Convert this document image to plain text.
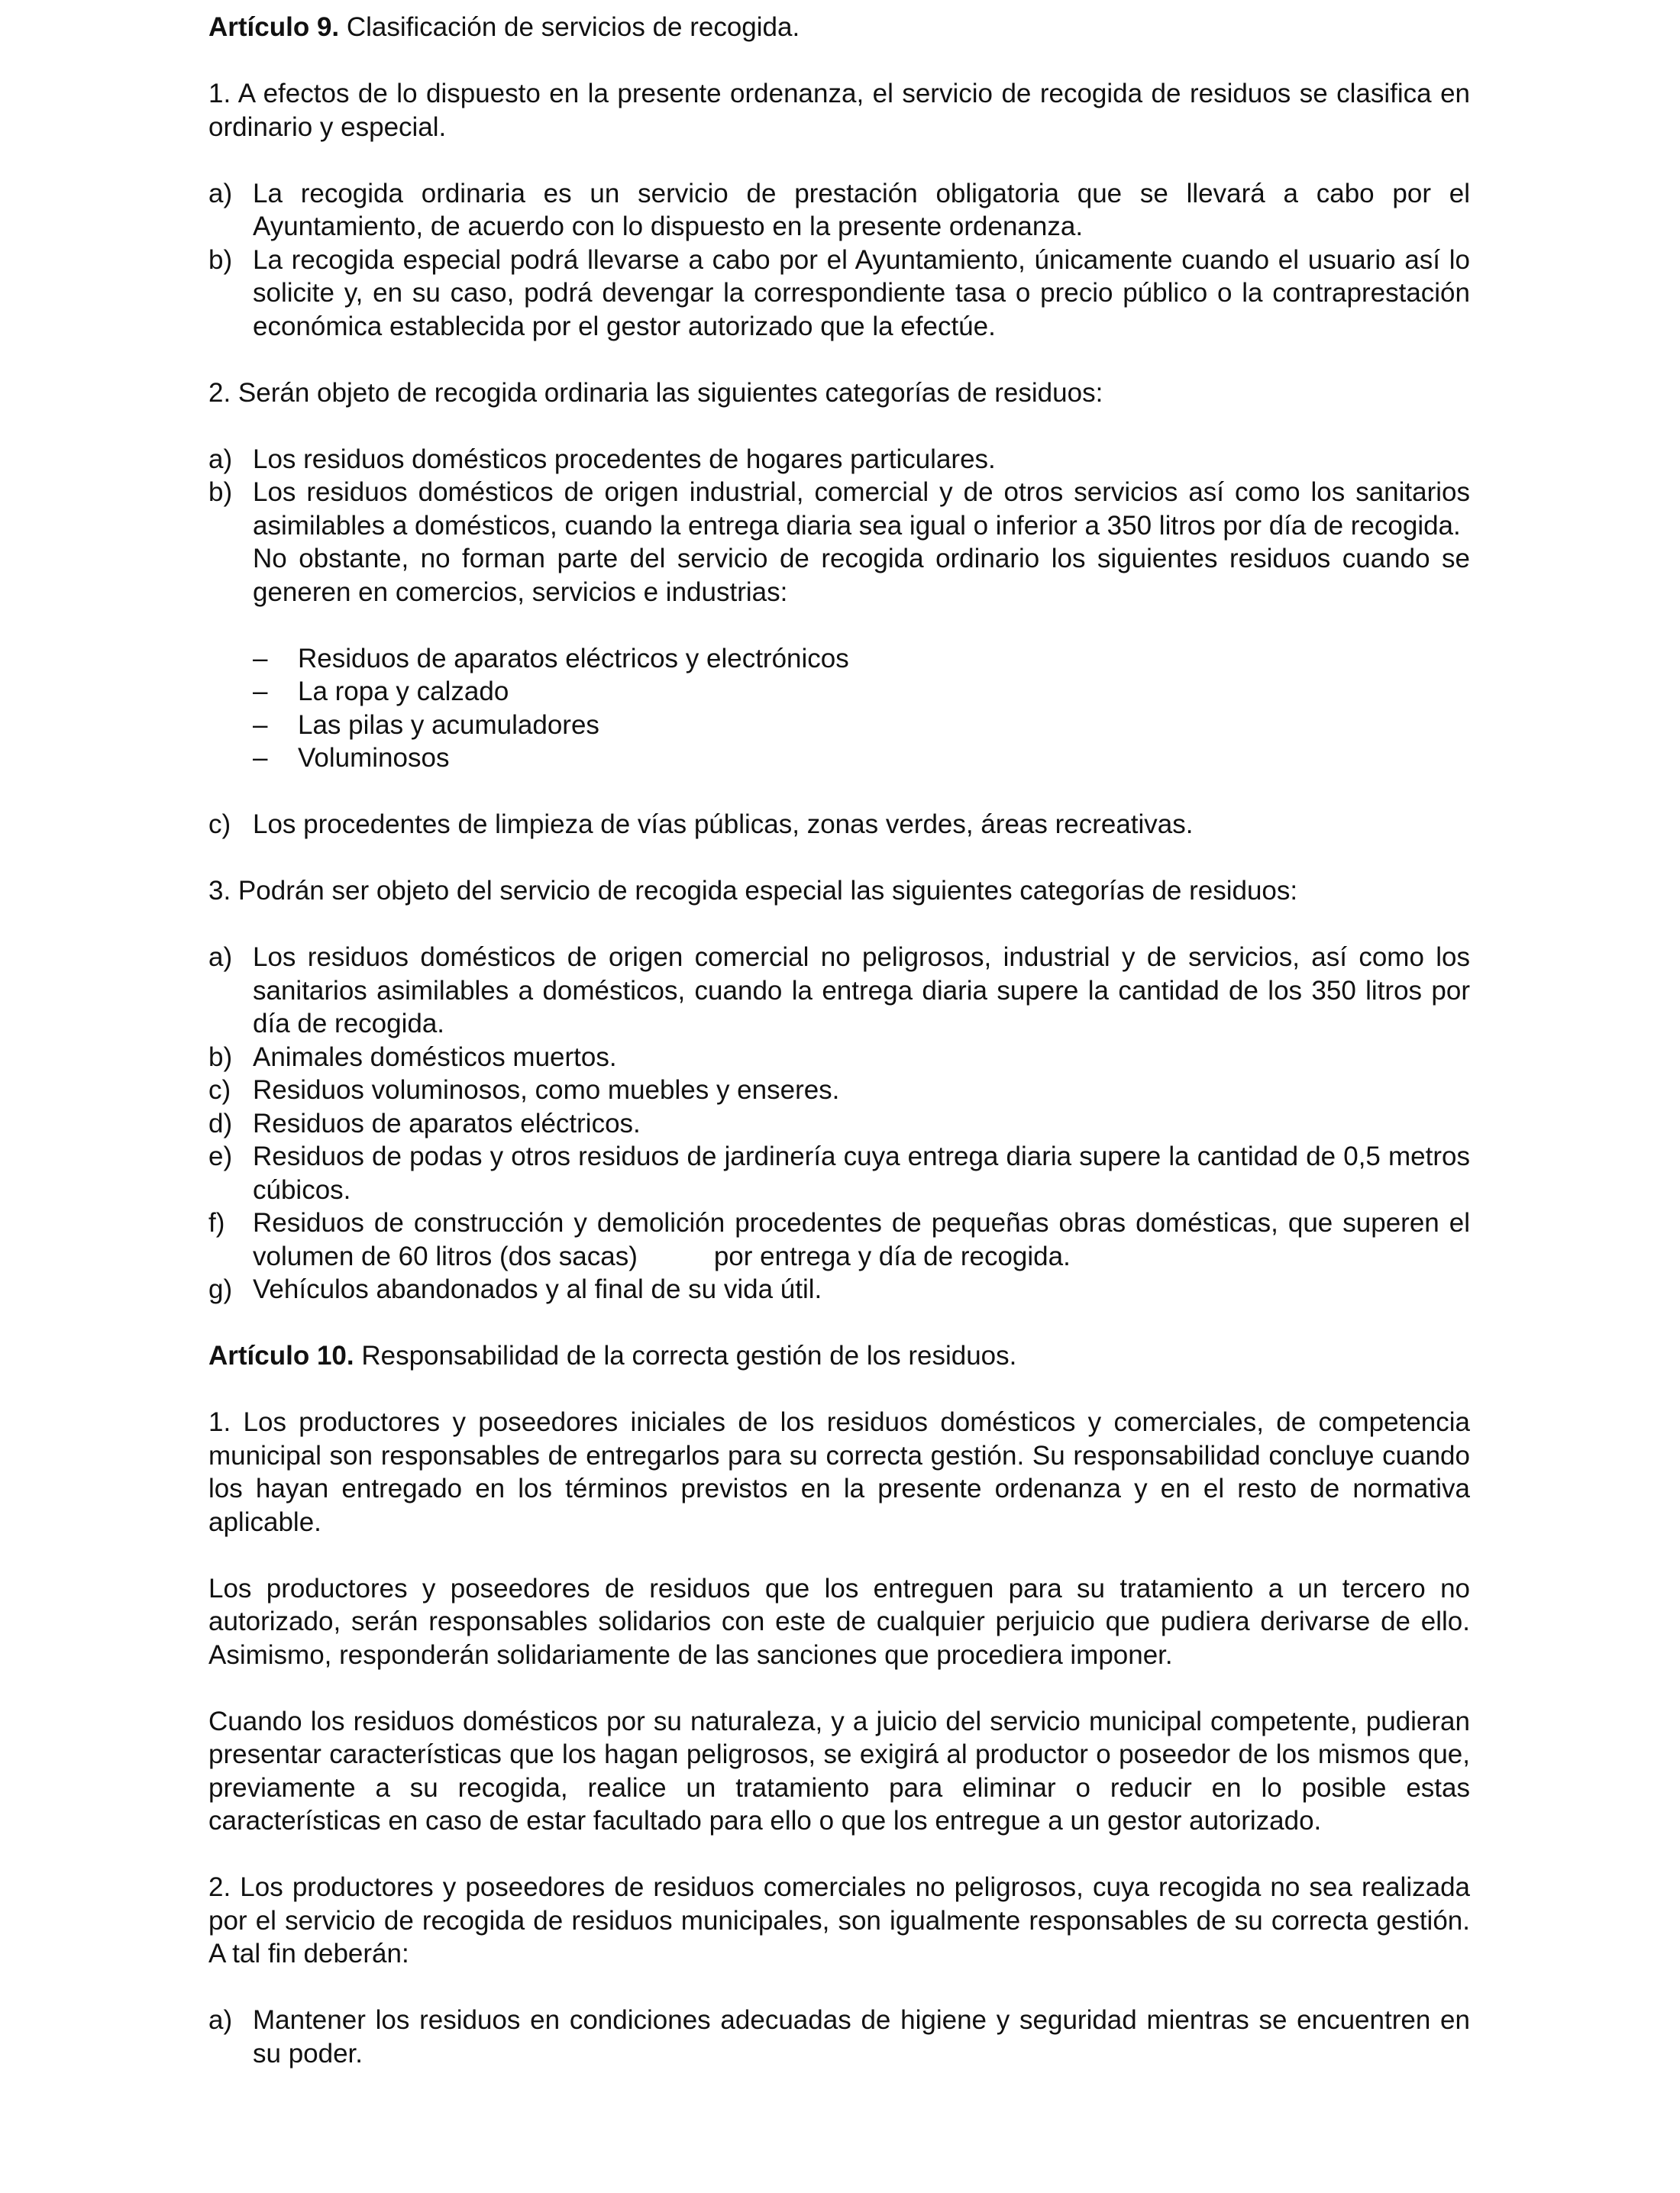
Artículo 9. Clasificación de servicios de recogida.

1. A efectos de lo dispuesto en la presente ordenanza, el servicio de recogida de residuos se clasifica en ordinario y especial.

a) La recogida ordinaria es un servicio de prestación obligatoria que se llevará a cabo por el Ayuntamiento, de acuerdo con lo dispuesto en la presente ordenanza.
b) La recogida especial podrá llevarse a cabo por el Ayuntamiento, únicamente cuando el usuario así lo solicite y, en su caso, podrá devengar la correspondiente tasa o precio público o la contraprestación económica establecida por el gestor autorizado que la efectúe.

2. Serán objeto de recogida ordinaria las siguientes categorías de residuos:

a) Los residuos domésticos procedentes de hogares particulares.
b) Los residuos domésticos de origen industrial, comercial y de otros servicios así como los sanitarios asimilables a domésticos, cuando la entrega diaria sea igual o inferior a 350 litros por día de recogida.
No obstante, no forman parte del servicio de recogida ordinario los siguientes residuos cuando se generen en comercios, servicios e industrias:
– Residuos de aparatos eléctricos y electrónicos
– La ropa y calzado
– Las pilas y acumuladores
– Voluminosos
c) Los procedentes de limpieza de vías públicas, zonas verdes, áreas recreativas.

3. Podrán ser objeto del servicio de recogida especial las siguientes categorías de residuos:

a) Los residuos domésticos de origen comercial no peligrosos, industrial y de servicios, así como los sanitarios asimilables a domésticos, cuando la entrega diaria supere la cantidad de los 350 litros por día de recogida.
b) Animales domésticos muertos.
c) Residuos voluminosos, como muebles y enseres.
d) Residuos de aparatos eléctricos.
e) Residuos de podas y otros residuos de jardinería cuya entrega diaria supere la cantidad de 0,5 metros cúbicos.
f) Residuos de construcción y demolición procedentes de pequeñas obras domésticas, que superen el volumen de 60 litros (dos sacas)	por entrega y día de recogida.
g) Vehículos abandonados y al final de su vida útil.

Artículo 10. Responsabilidad de la correcta gestión de los residuos.

1. Los productores y poseedores iniciales de los residuos domésticos y comerciales, de competencia municipal son responsables de entregarlos para su correcta gestión. Su responsabilidad concluye cuando los hayan entregado en los términos previstos en la presente ordenanza y en el resto de normativa aplicable.

Los productores y poseedores de residuos que los entreguen para su tratamiento a un tercero no autorizado, serán responsables solidarios con este de cualquier perjuicio que pudiera derivarse de ello. Asimismo, responderán solidariamente de las sanciones que procediera imponer.

Cuando los residuos domésticos por su naturaleza, y a juicio del servicio municipal competente, pudieran presentar características que los hagan peligrosos, se exigirá al productor o poseedor de los mismos que, previamente a su recogida, realice un tratamiento para eliminar o reducir en lo posible estas características en caso de estar facultado para ello o que los entregue a un gestor autorizado.

2. Los productores y poseedores de residuos comerciales no peligrosos, cuya recogida no sea realizada por el servicio de recogida de residuos municipales, son igualmente responsables de su correcta gestión. A tal fin deberán:

a) Mantener los residuos en condiciones adecuadas de higiene y seguridad mientras se encuentren en su poder.
